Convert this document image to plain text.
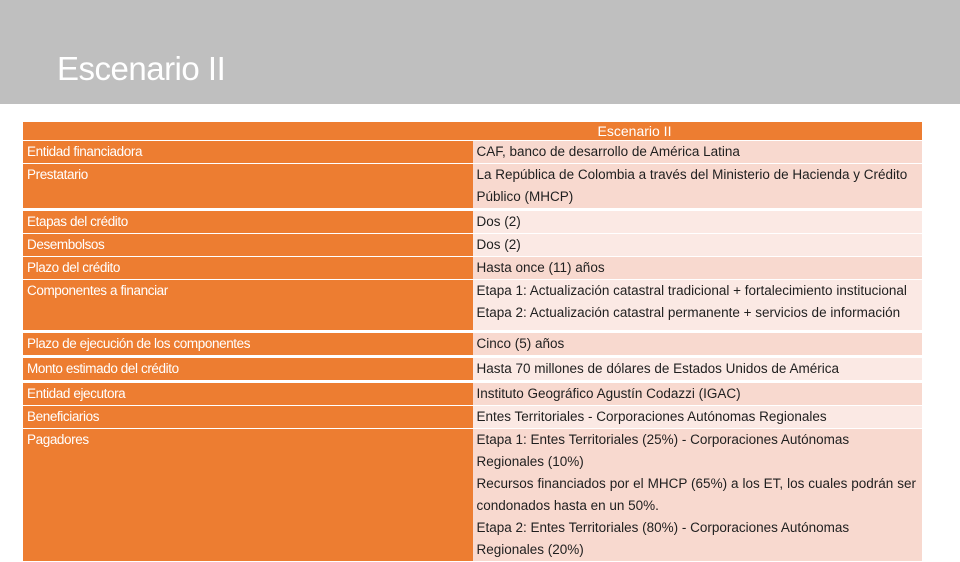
Escenario II
Escenario II	
Entidad financiadora	CAF, banco de desarrollo de América Latina
Prestatario	La República de Colombia a través del Ministerio de Hacienda y Crédito Público (MHCP)
Etapas del crédito	Dos (2)
Desembolsos	Dos (2)
Plazo del crédito	Hasta once (11) años
Componentes a financiar	Etapa 1: Actualización catastral tradicional + fortalecimiento institucional
Etapa 2: Actualización catastral permanente + servicios de información

Plazo de ejecución de los componentes	Cinco (5) años
Monto estimado del crédito	Hasta 70 millones de dólares de Estados Unidos de América
Entidad ejecutora	Instituto Geográfico Agustín Codazzi (IGAC)
Beneficiarios	Entes Territoriales - Corporaciones Autónomas Regionales
Pagadores	Etapa 1: Entes Territoriales (25%) - Corporaciones Autónomas Regionales (10%)
Recursos financiados por el MHCP (65%) a los ET, los cuales podrán ser condonados hasta en un 50%.
Etapa 2: Entes Territoriales (80%) - Corporaciones Autónomas Regionales (20%)
